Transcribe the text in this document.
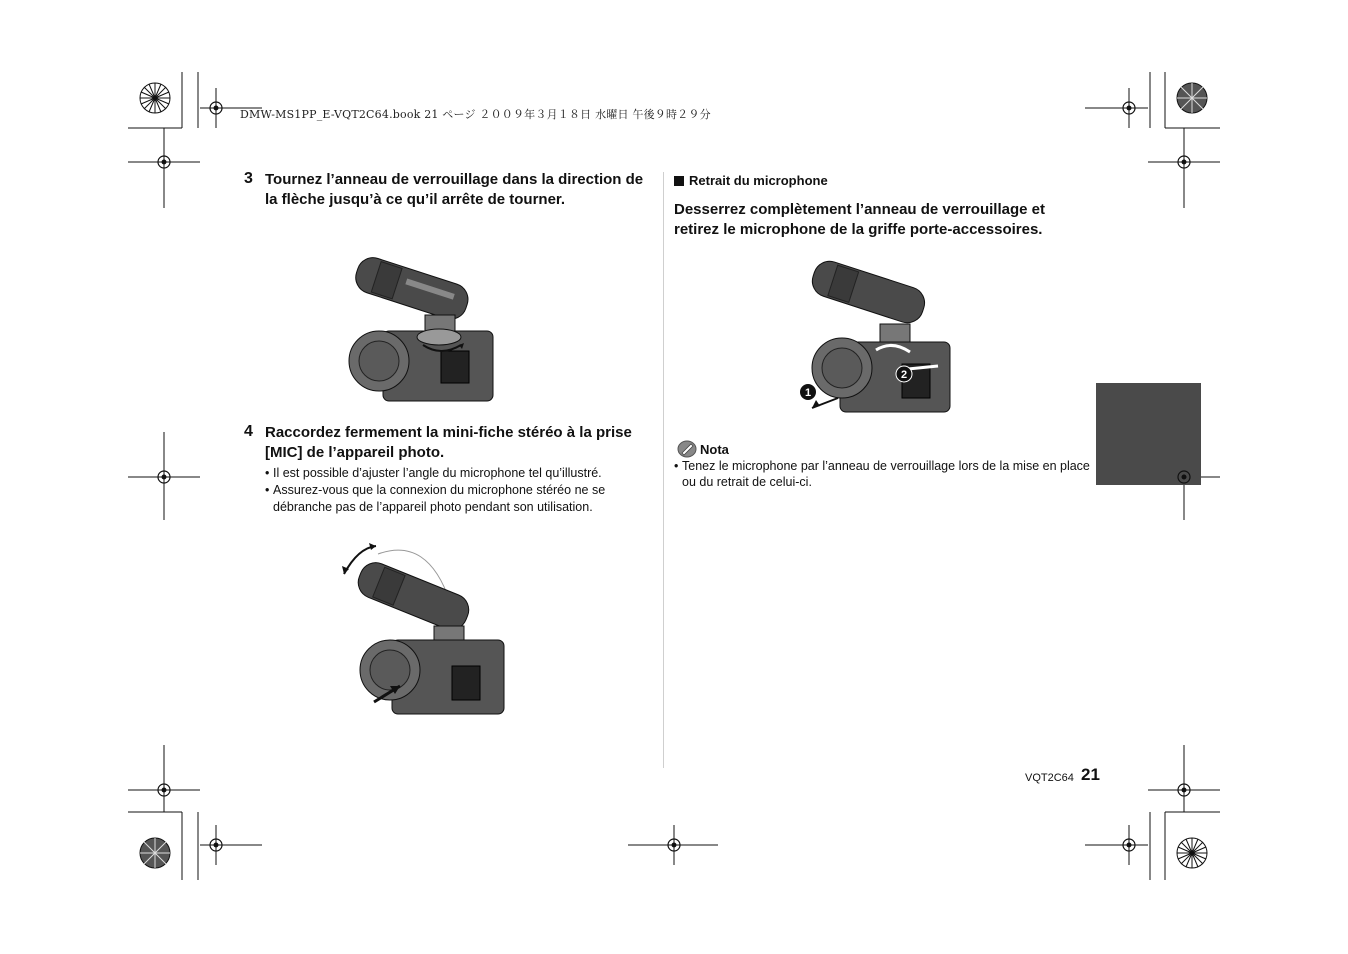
DMW-MS1PP_E-VQT2C64.book 21 ページ ２００９年３月１８日 水曜日 午後９時２９分
3 Tournez l’anneau de verrouillage dans la direction de la flèche jusqu’à ce qu’il arrête de tourner.
4 Raccordez fermement la mini-fiche stéréo à la prise [MIC] de l’appareil photo.
• Il est possible d’ajuster l’angle du microphone tel qu’illustré.
• Assurez-vous que la connexion du microphone stéréo ne se débranche pas de l’appareil photo pendant son utilisation.
Retrait du microphone
Desserrez complètement l’anneau de verrouillage et retirez le microphone de la griffe porte-accessoires.
1
2
Nota
• Tenez le microphone par l’anneau de verrouillage lors de la mise en place ou du retrait de celui-ci.
VQT2C64 21
